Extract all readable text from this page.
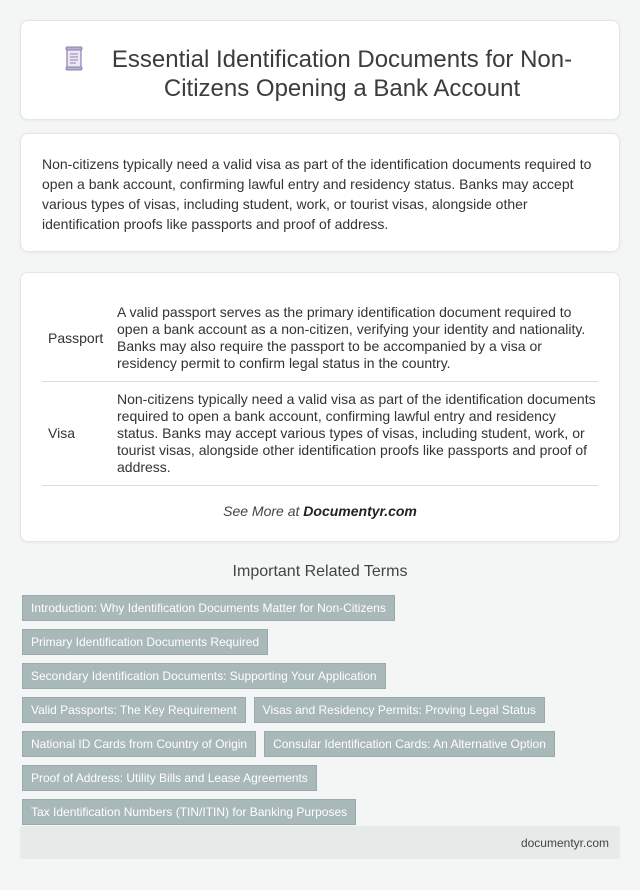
Essential Identification Documents for Non-Citizens Opening a Bank Account

Non-citizens typically need a valid visa as part of the identification documents required to open a bank account, confirming lawful entry and residency status. Banks may accept various types of visas, including student, work, or tourist visas, alongside other identification proofs like passports and proof of address.

Passport	A valid passport serves as the primary identification document required to open a bank account as a non-citizen, verifying your identity and nationality. Banks may also require the passport to be accompanied by a visa or residency permit to confirm legal status in the country.
Visa	Non-citizens typically need a valid visa as part of the identification documents required to open a bank account, confirming lawful entry and residency status. Banks may accept various types of visas, including student, work, or tourist visas, alongside other identification proofs like passports and proof of address.
See More at Documentyr.com
Important Related Terms
Introduction: Why Identification Documents Matter for Non-Citizens
Primary Identification Documents Required
Secondary Identification Documents: Supporting Your Application
Valid Passports: The Key Requirement	Visas and Residency Permits: Proving Legal Status
National ID Cards from Country of Origin	Consular Identification Cards: An Alternative Option
Proof of Address: Utility Bills and Lease Agreements
Tax Identification Numbers (TIN/ITIN) for Banking Purposes
documentyr.com
